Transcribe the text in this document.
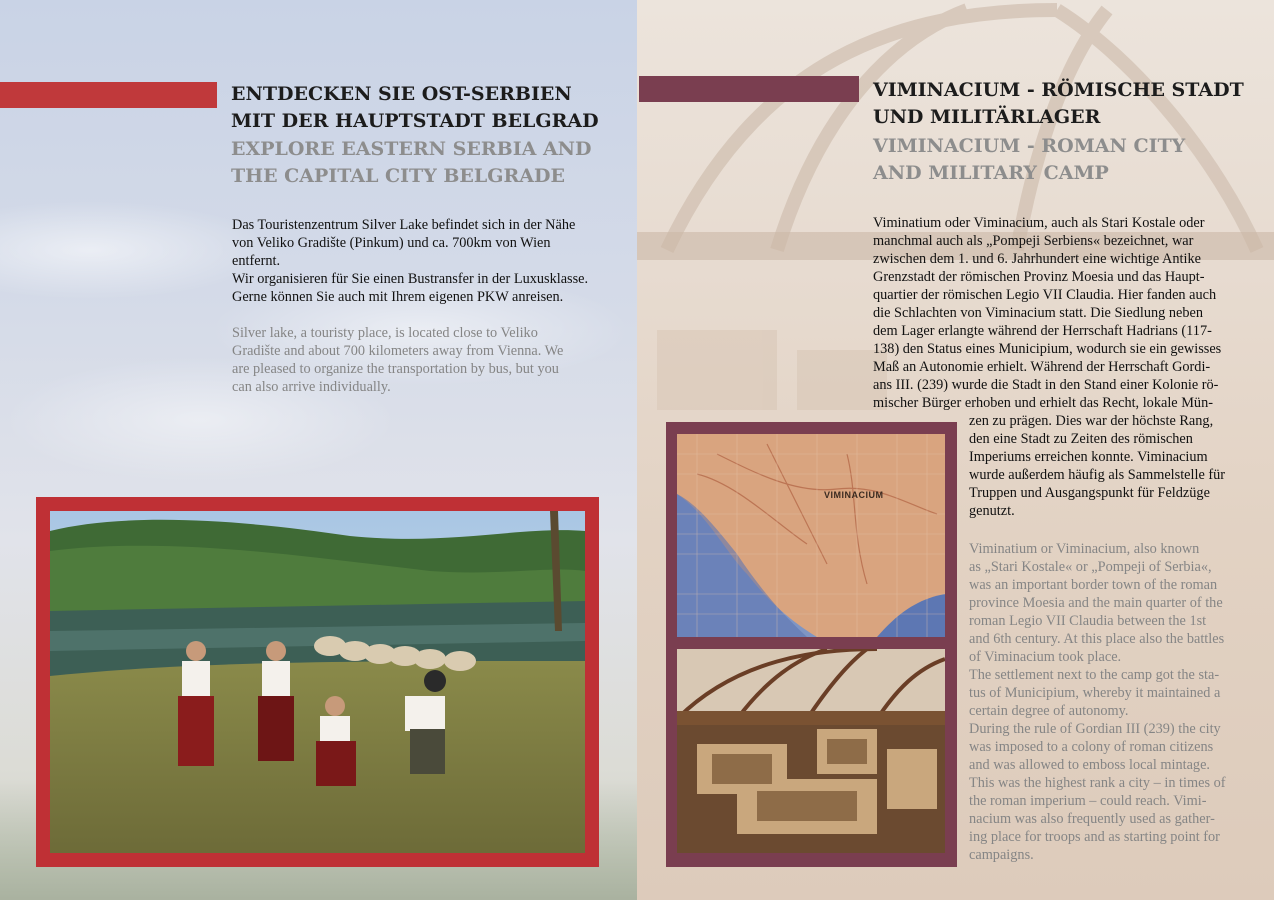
ENTDECKEN SIE OST-SERBIEN
MIT DER HAUPTSTADT BELGRAD
EXPLORE EASTERN SERBIA AND
THE CAPITAL CITY BELGRADE
Das Touristenzentrum Silver Lake befindet sich in der Nähe
von Veliko Gradište (Pinkum) und ca. 700km von Wien
entfernt.
Wir organisieren für Sie einen Bustransfer in der Luxusklasse.
Gerne können Sie auch mit Ihrem eigenen PKW anreisen.
Silver lake, a touristy place, is located close to Veliko
Gradište and about 700 kilometers away from Vienna. We
are pleased to organize the transportation by bus, but you
can also arrive individually.
VIMINACIUM - RÖMISCHE STADT
UND MILITÄRLAGER
VIMINACIUM - ROMAN CITY
AND MILITARY CAMP
Viminatium oder Viminacium, auch als Stari Kostale oder
manchmal auch als „Pompeji Serbiens« bezeichnet, war
zwischen dem 1. und 6. Jahrhundert eine wichtige Antike
Grenzstadt der römischen Provinz Moesia und das Haupt-
quartier der römischen Legio VII Claudia. Hier fanden auch
die Schlachten von Viminacium statt. Die Siedlung neben
dem Lager erlangte während der Herrschaft Hadrians (117-
138) den Status eines Municipium, wodurch sie ein gewisses
Maß an Autonomie erhielt. Während der Herrschaft Gordi-
ans III. (239) wurde die Stadt in den Stand einer Kolonie rö-
mischer Bürger erhoben und erhielt das Recht, lokale Mün-
zen zu prägen. Dies war der höchste Rang,
den eine Stadt zu Zeiten des römischen
Imperiums erreichen konnte. Viminacium
wurde außerdem häufig als Sammelstelle für
Truppen und Ausgangspunkt für Feldzüge
genutzt.
Viminatium or Viminacium, also known
as „Stari Kostale« or „Pompeji of Serbia«,
was an important border town of the roman
province Moesia and the main quarter of the
roman Legio VII Claudia between the 1st
and 6th century. At this place also the battles
of Viminacium took place.
The settlement next to the camp got the sta-
tus of Municipium, whereby it maintained a
certain degree of autonomy.
During the rule of Gordian III (239) the city
was imposed to a colony of roman citizens
and was allowed to emboss local mintage.
This was the highest rank a city – in times of
the roman imperium – could reach. Vimi-
nacium was also frequently used as gather-
ing place for troops and as starting point for
campaigns.
VIMINACIUM
